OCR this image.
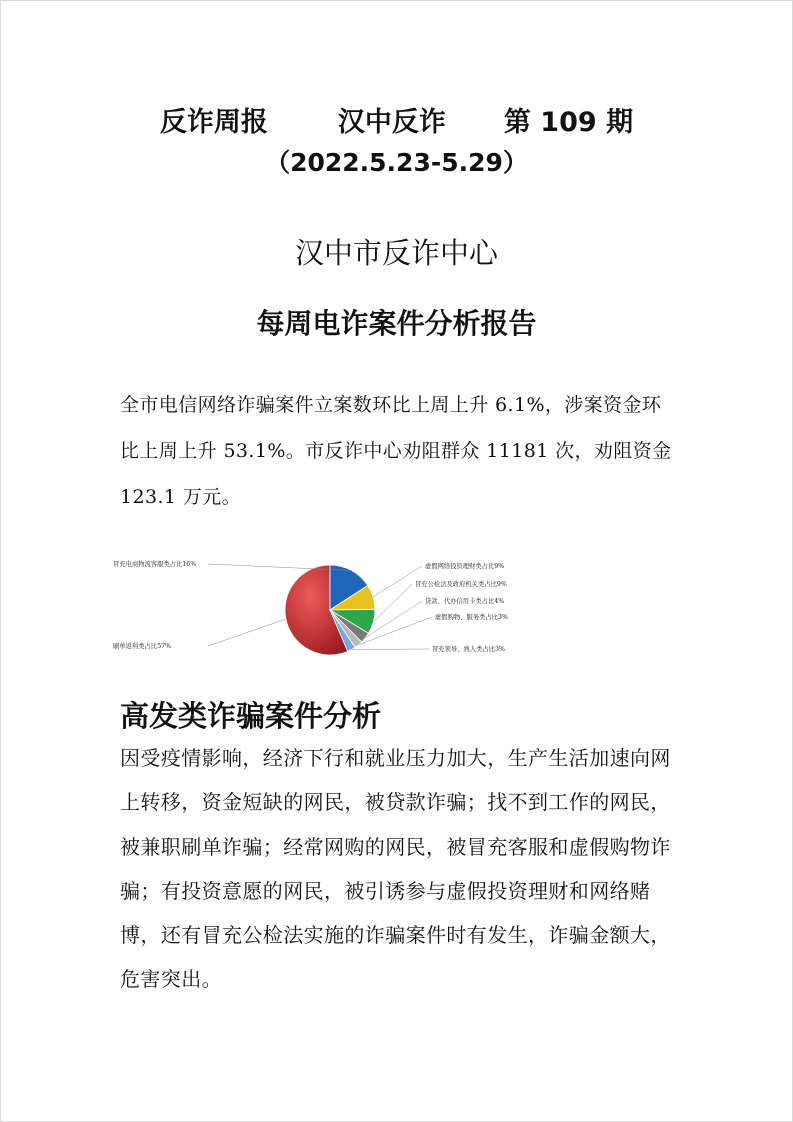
反诈周报	汉中反诈 第 109 期
（2022.5.23-5.29）
汉中市反诈中心
每周电诈案件分析报告
全市电信网络诈骗案件立案数环比上周上升 6.1%，涉案资金环比上周上升 53.1%。市反诈中心劝阻群众 11181 次，劝阻资金 123.1 万元。
刷单返利类占比57%
冒充电商物流客服类占比16%	虚假网络投资理财类占比9%
冒充公检法及政府机关类占比9%
贷款、代办信用卡类占比4%
虚假购物、服务类占比3%
冒充领导、熟人类占比3%
高发类诈骗案件分析
因受疫情影响，经济下行和就业压力加大，生产生活加速向网上转移，资金短缺的网民，被贷款诈骗；找不到工作的网民，被兼职刷单诈骗；经常网购的网民，被冒充客服和虚假购物诈骗；有投资意愿的网民，被引诱参与虚假投资理财和网络赌博，还有冒充公检法实施的诈骗案件时有发生，诈骗金额大，危害突出。
